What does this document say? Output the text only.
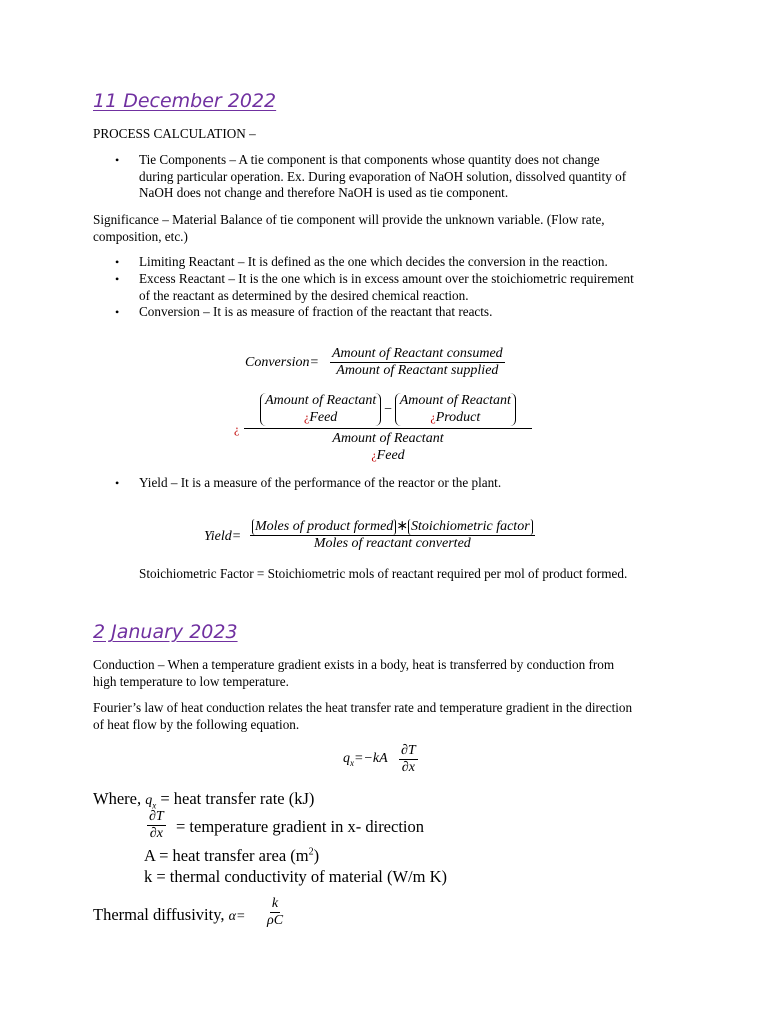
11 December 2022

PROCESS CALCULATION –

• Tie Components – A tie component is that components whose quantity does not change
during particular operation. Ex. During evaporation of NaOH solution, dissolved quantity of
NaOH does not change and therefore NaOH is used as tie component.
Significance – Material Balance of tie component will provide the unknown variable. (Flow rate,
composition, etc.)
• Limiting Reactant – It is defined as the one which decides the conversion in the reaction.
• Excess Reactant – It is the one which is in excess amount over the stoichiometric requirement
of the reactant as determined by the desired chemical reaction.
• Conversion – It is as measure of fraction of the reactant that reacts.
Conversion=
Amount of Reactant consumed
Amount of Reactant supplied
¿
Amount of Reactant
¿Feed
−
Amount of Reactant
¿Product
Amount of Reactant
¿Feed
• Yield – It is a measure of the performance of the reactor or the plant.
Yield=
Moles of product formed ∗ Stoichiometric factor
Moles of reactant converted
Stoichiometric Factor = Stoichiometric mols of reactant required per mol of product formed.
2 January 2023
Conduction – When a temperature gradient exists in a body, heat is transferred by conduction from
high temperature to low temperature.
Fourier’s law of heat conduction relates the heat transfer rate and temperature gradient in the direction
of heat flow by the following equation.
$q_x=-kA \frac{\partial T}{\partial x}$
Where, $q_x$ = heat transfer rate (kJ)
$\frac{\partial T}{\partial x}$ = temperature gradient in x- direction
A = heat transfer area $(m^2)$
k = thermal conductivity of material (W/m K)
Thermal diffusivity, $\alpha= \frac{k}{\rho C}$
